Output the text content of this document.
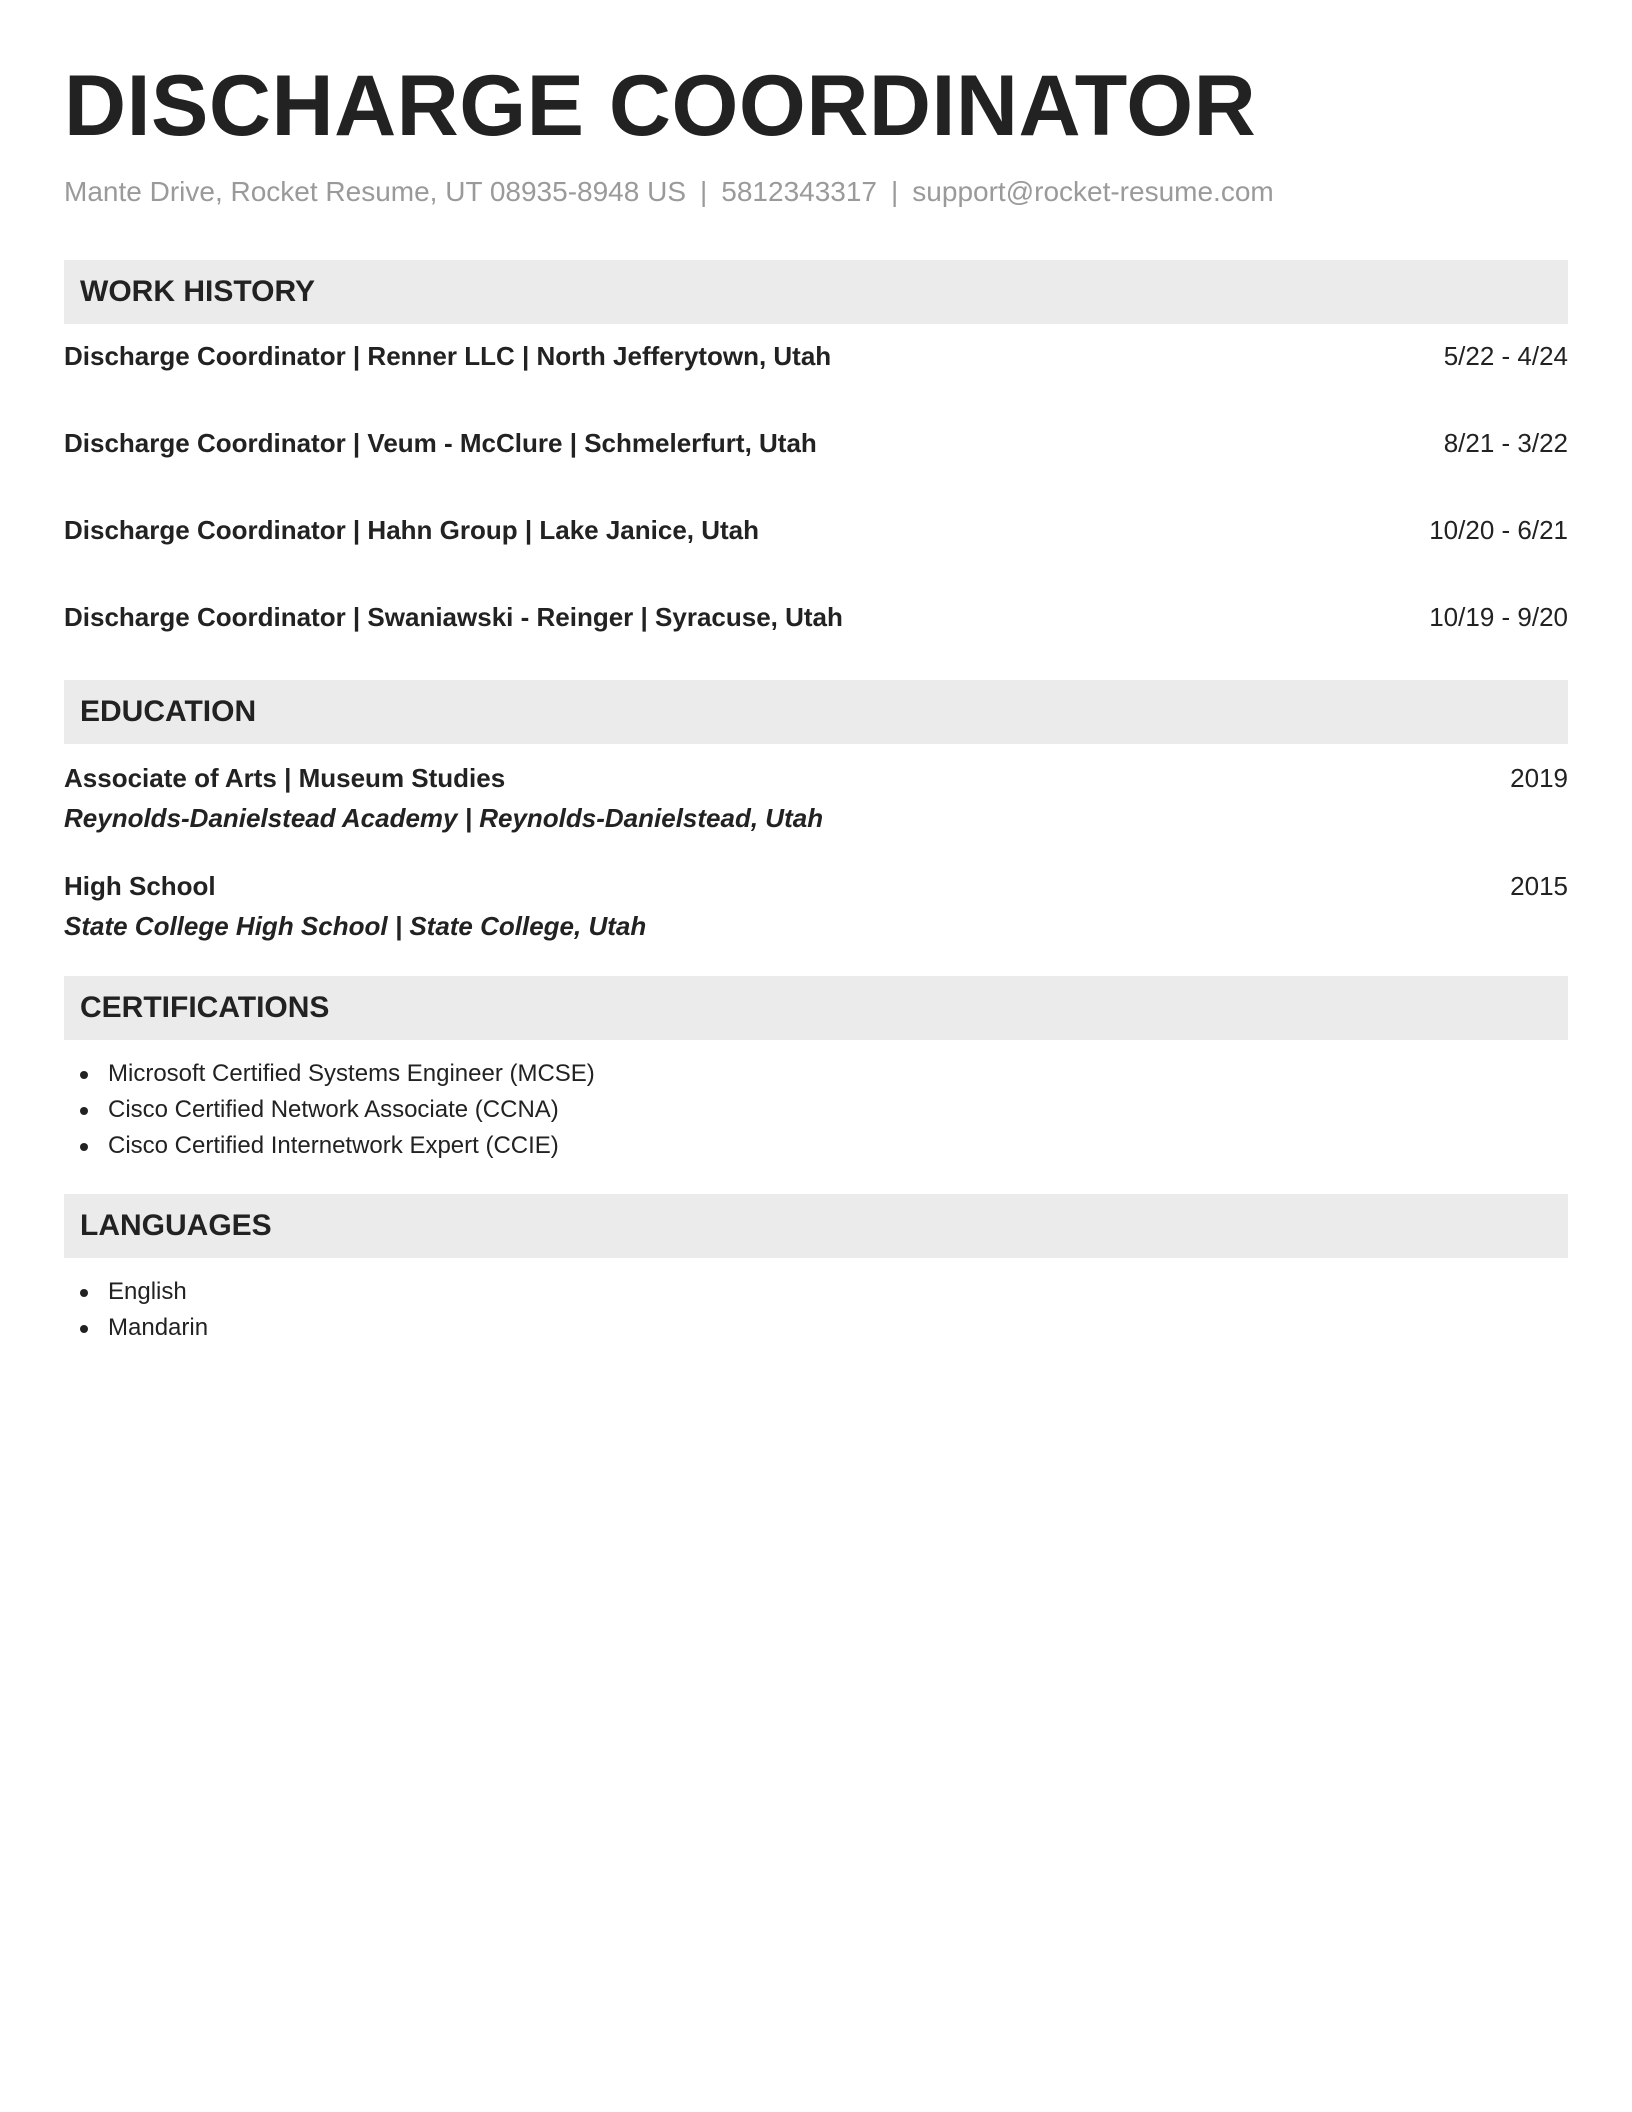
DISCHARGE COORDINATOR
Mante Drive, Rocket Resume, UT 08935-8948 US | 5812343317 | support@rocket-resume.com
WORK HISTORY
Discharge Coordinator | Renner LLC | North Jefferytown, Utah	5/22 - 4/24
Discharge Coordinator | Veum - McClure | Schmelerfurt, Utah	8/21 - 3/22
Discharge Coordinator | Hahn Group | Lake Janice, Utah	10/20 - 6/21
Discharge Coordinator | Swaniawski - Reinger | Syracuse, Utah	10/19 - 9/20
EDUCATION
Associate of Arts | Museum Studies	2019
Reynolds-Danielstead Academy | Reynolds-Danielstead, Utah
High School	2015
State College High School | State College, Utah
CERTIFICATIONS
Microsoft Certified Systems Engineer (MCSE)
Cisco Certified Network Associate (CCNA)
Cisco Certified Internetwork Expert (CCIE)
LANGUAGES
English
Mandarin
